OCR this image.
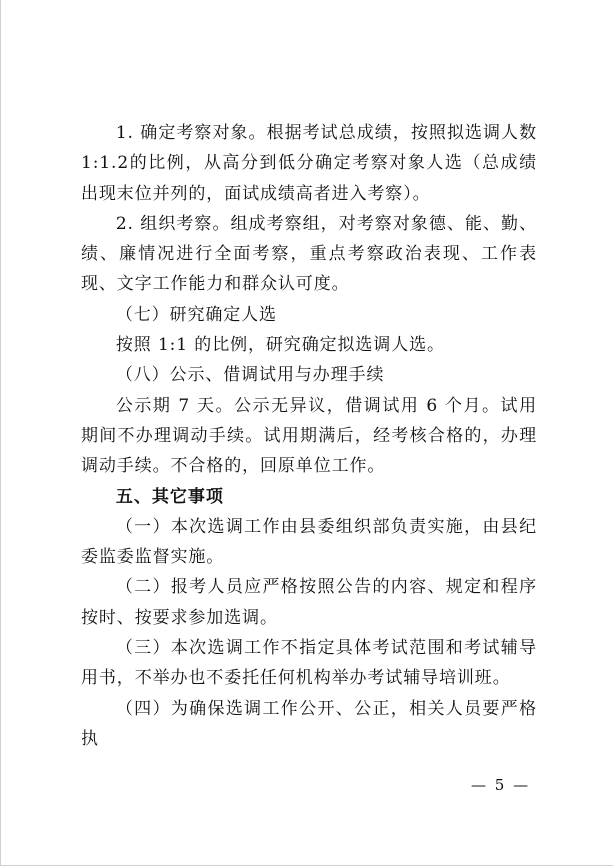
1. 确定考察对象。根据考试总成绩，按照拟选调人数1:1.2的比例，从高分到低分确定考察对象人选（总成绩出现末位并列的，面试成绩高者进入考察）。

2. 组织考察。组成考察组，对考察对象德、能、勤、绩、廉情况进行全面考察，重点考察政治表现、工作表现、文字工作能力和群众认可度。

（七）研究确定人选

按照 1:1 的比例，研究确定拟选调人选。

（八）公示、借调试用与办理手续

公示期 7 天。公示无异议，借调试用 6 个月。试用期间不办理调动手续。试用期满后，经考核合格的，办理调动手续。不合格的，回原单位工作。

五、其它事项

（一）本次选调工作由县委组织部负责实施，由县纪委监委监督实施。

（二）报考人员应严格按照公告的内容、规定和程序按时、按要求参加选调。

（三）本次选调工作不指定具体考试范围和考试辅导用书，不举办也不委托任何机构举办考试辅导培训班。

（四）为确保选调工作公开、公正，相关人员要严格执

— 5 —
